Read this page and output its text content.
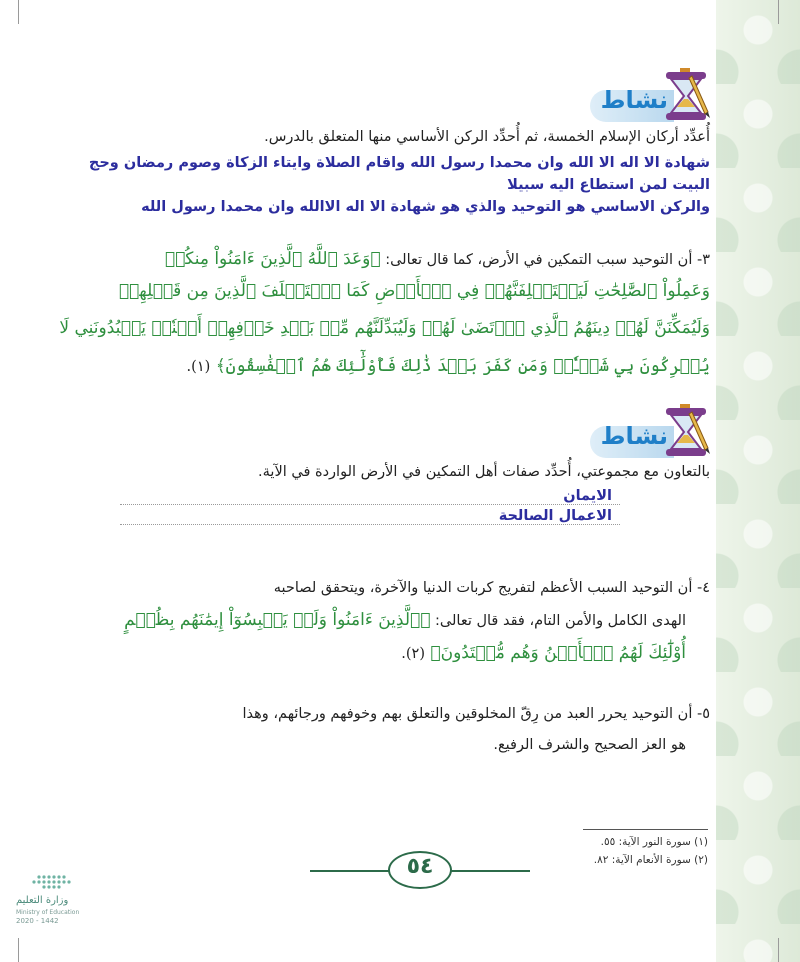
نشاط
أُعدِّد أركان الإسلام الخمسة، ثم أُحدِّد الركن الأساسي منها المتعلق بالدرس.
شهادة الا اله الا الله وان محمدا رسول الله واقام الصلاة وايتاء الزكاة وصوم رمضان وحج
البيت لمن استطاع اليه سبيلا
والركن الاساسي هو التوحيد والذي هو شهادة الا اله الاالله وان محمدا رسول الله
٣- أن التوحيد سبب التمكين في الأرض، كما قال تعالى: ﴿وَعَدَ ٱللَّهُ ٱلَّذِينَ ءَامَنُواْ مِنكُمۡ
وَعَمِلُواْ ٱلصَّٰلِحَٰتِ لَيَسۡتَخۡلِفَنَّهُمۡ فِي ٱلۡأَرۡضِ كَمَا ٱسۡتَخۡلَفَ ٱلَّذِينَ مِن قَبۡلِهِمۡ
وَلَيُمَكِّنَنَّ لَهُمۡ دِينَهُمُ ٱلَّذِي ٱرۡتَضَىٰ لَهُمۡ وَلَيُبَدِّلَنَّهُم مِّنۢ بَعۡدِ خَوۡفِهِمۡ أَمۡنٗاۚ يَعۡبُدُونَنِي لَا
يُشۡرِكُونَ بِي شَيۡـٔٗاۚ وَمَن كَفَرَ بَعۡدَ ذَٰلِكَ فَأُوْلَٰٓئِكَ هُمُ ٱلۡفَٰسِقُونَ﴾ (١).
نشاط
بالتعاون مع مجموعتي، أُحدِّد صفات أهل التمكين في الأرض الواردة في الآية.
الايمان
الاعمال الصالحة
٤- أن التوحيد السبب الأعظم لتفريج كربات الدنيا والآخرة، ويتحقق لصاحبه
الهدى الكامل والأمن التام، فقد قال تعالى: ﴿ٱلَّذِينَ ءَامَنُواْ وَلَمۡ يَلۡبِسُوٓاْ إِيمَٰنَهُم بِظُلۡمٍ
أُوْلَٰٓئِكَ لَهُمُ ٱلۡأَمۡنُ وَهُم مُّهۡتَدُونَ﴾ (٢).
٥- أن التوحيد يحرر العبد من رِقّ المخلوقين والتعلق بهم وخوفهم ورجائهم، وهذا
هو العز الصحيح والشرف الرفيع.
(١) سورة النور الآية: ٥٥.
(٢) سورة الأنعام الآية: ٨٢.
٥٤
وزارة التعليم
Ministry of Education
2020 - 1442
